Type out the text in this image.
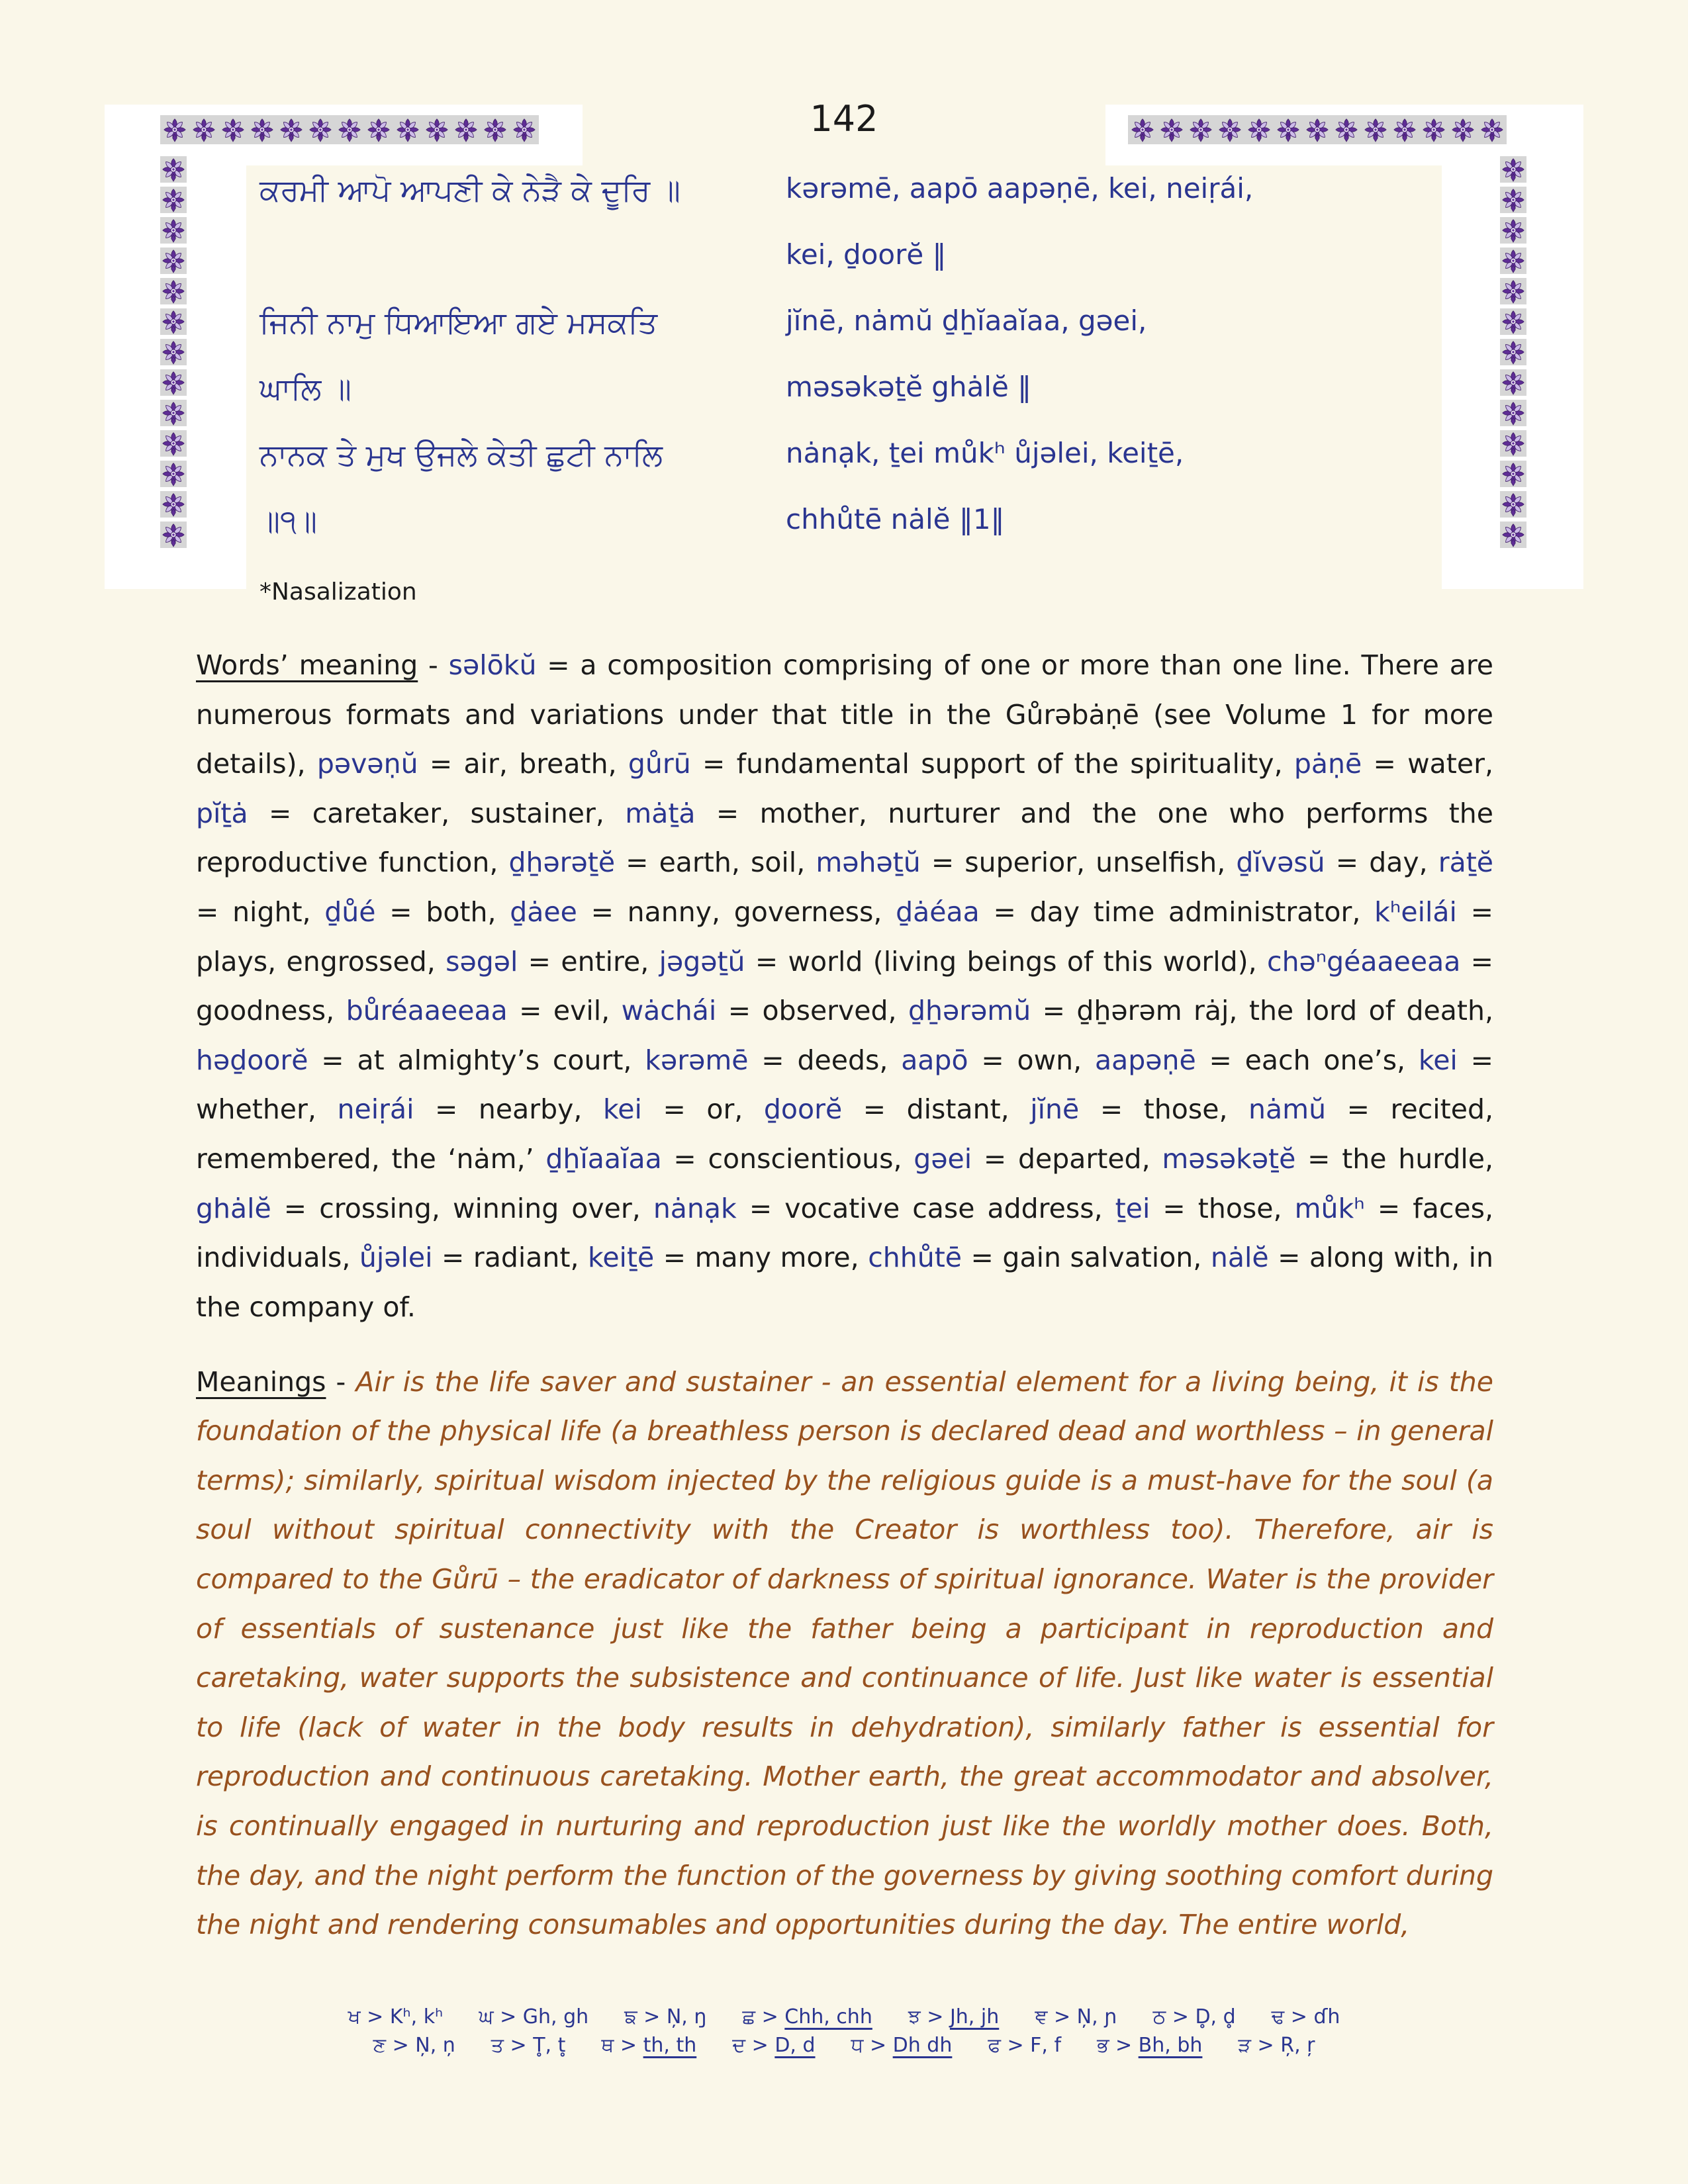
142
ਕਰਮੀ ਆਪੋ ਆਪਣੀ ਕੇ ਨੇੜੈ ਕੇ ਦੂਰਿ ॥	kərəmē, aapō aapəṇē, kei, neiṛái,
kei, ḏoorĕ ‖
ਜਿਨੀ ਨਾਮੁ ਧਿਆਇਆ ਗਏ ਮਸਕਤਿ	jĭnē, nȧmŭ ḏẖĭaaĭaa, gəei,
ਘਾਲਿ ॥	məsəkəṯĕ ghȧlĕ ‖
ਨਾਨਕ ਤੇ ਮੁਖ ਉਜਲੇ ਕੇਤੀ ਛੁਟੀ ਨਾਲਿ	nȧnạk, ṯei můkʰ ůjəlei, keiṯē,
॥੧॥	chhůtē nȧlĕ ‖1‖
*Nasalization

Words’ meaning - səlōkŭ = a composition comprising of one or more than one line. There are numerous formats and variations under that title in the Gůrəbȧṇē (see Volume 1 for more details), pəvəṇŭ = air, breath, gůrū = fundamental support of the spirituality, pȧṇē = water, pĭṯȧ = caretaker, sustainer, mȧṯȧ = mother, nurturer and the one who performs the reproductive function, ḏẖərəṯĕ = earth, soil, məhəṯŭ = superior, unselfish, ḏĭvəsŭ = day, rȧṯĕ = night, ḏůé = both, ḏȧee = nanny, governess, ḏȧéaa = day time administrator, kʰeilái = plays, engrossed, səgəl = entire, jəgəṯŭ = world (living beings of this world), chəⁿgéaaeeaa = goodness, bůréaaeeaa = evil, wȧchái = observed, ḏẖərəmŭ = ḏẖərəm rȧj, the lord of death, həḏoorĕ = at almighty’s court, kərəmē = deeds, aapō = own, aapəṇē = each one’s, kei = whether, neiṛái = nearby, kei = or, ḏoorĕ = distant, jĭnē = those, nȧmŭ = recited, remembered, the ‘nȧm,’ ḏẖĭaaĭaa = conscientious, gəei = departed, məsəkəṯĕ = the hurdle, ghȧlĕ = crossing, winning over, nȧnạk = vocative case address, ṯei = those, můkʰ = faces, individuals, ůjəlei = radiant, keiṯē = many more, chhůtē = gain salvation, nȧlĕ = along with, in the company of.

Meanings - Air is the life saver and sustainer - an essential element for a living being, it is the foundation of the physical life (a breathless person is declared dead and worthless – in general terms); similarly, spiritual wisdom injected by the religious guide is a must-have for the soul (a soul without spiritual connectivity with the Creator is worthless too). Therefore, air is compared to the Gůrū – the eradicator of darkness of spiritual ignorance. Water is the provider of essentials of sustenance just like the father being a participant in reproduction and caretaking, water supports the subsistence and continuance of life. Just like water is essential to life (lack of water in the body results in dehydration), similarly father is essential for reproduction and continuous caretaking. Mother earth, the great accommodator and absolver, is continually engaged in nurturing and reproduction just like the worldly mother does. Both, the day, and the night perform the function of the governess by giving soothing comfort during the night and rendering consumables and opportunities during the day. The entire world,

ਖ > Kʰ, kʰ ਘ > Gh, gh ਙ > Ņ, ŋ ਛ > Chh, chh ਝ > Jh, jh ਞ > Ņ, ɲ ਠ > D̥, d̥ ਢ > ɗh
ਣ > Ņ, ņ ਤ > T̥, t̥ ਥ > th, th ਦ > D, d ਧ > Dh dh ਫ > F, f ਭ > Bh, bh ੜ > Ŗ, ŗ
